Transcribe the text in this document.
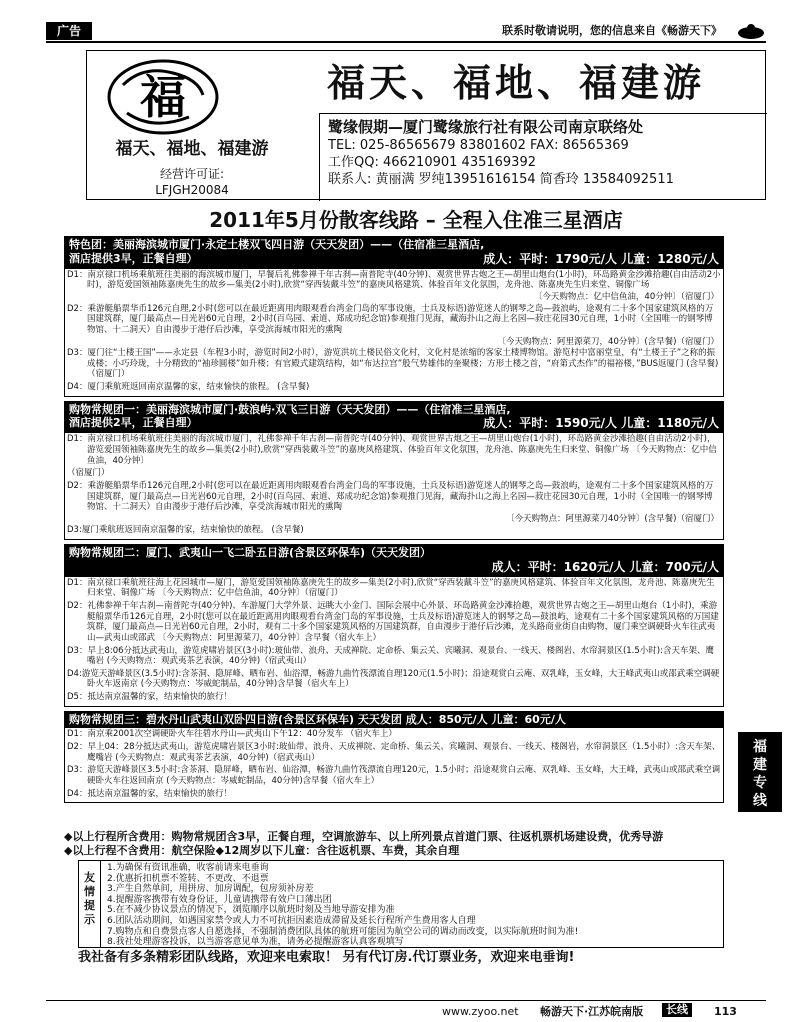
广告	联系时敬请说明，您的信息来自《畅游天下》
福
福天、福地、福建游
经营许可证:
LFJGH20084
福天、福地、福建游
鹭缘假期—厦门鹭缘旅行社有限公司南京联络处
TEL: 025-86565679 83801602 FAX: 86565369
工作QQ: 466210901 435169392
联系人: 黄丽满 罗纯13951616154 简香玲 13584092511
2011年5月份散客线路 – 全程入住准三星酒店
特色团：美丽海滨城市厦门·永定土楼双飞四日游（天天发团）——（住宿准三星酒店,
酒店提供3早，正餐自理）	成人：平时：1790元/人 儿童：1280元/人
D1：南京禄口机场乘航班往美丽的海滨城市厦门，早餐后礼佛参禅千年古刹—南普陀寺(40分钟)、观赏世界古炮之王—胡里山炮台(1小时)，环岛路黄金沙滩拾趣(自由活动2小时)，游览爱国领袖陈嘉庚先生的故乡—集美(2小时),欣赏“穿西装戴斗笠”的嘉庚风格建筑、体验百年文化氛围，龙舟池、陈嘉庚先生归来堂、铜像广场
〔今天购物点：亿中信鱼油，40分钟〕（宿厦门）
D2：乘游艇船票华币126元自理,2小时(您可以在最近距离用肉眼观看台湾金门岛的军事设施，士兵及标语)游览迷人的钢琴之岛—鼓浪屿，途观有二十多个国家建筑风格的万国建筑群，厦门最高点—日光岩60元自理，2小时(百鸟园、索道、郑成功纪念馆)参观推门见海，藏海扑山之海上名园—菽庄花园30元自理，1小时（全国唯一的钢琴博物馆、十二洞天）自由漫步于港仔后沙滩，享受滨海城市阳光的熏陶
〔今天购物点：阿里源菜刀，40分钟〕(含早餐)（宿厦门）
D3：厦门往“土楼王国”——永定县（车程3小时，游览时间2小时），游览洪坑土楼民俗文化村，文化村是浓缩的客家土楼博物馆。游览村中富丽堂皇，有“土楼王子”之称的振成楼；小巧玲珑，十分精致的“袖珍圆楼”如升楼；有官殿式建筑结构，如“布达拉宫”般气势雄伟的奎聚楼；方形土楼之首，“府第式杰作”的福裕楼，”BUS返厦门 (含早餐)（宿厦门）
D4：厦门乘航班返回南京温馨的家，结束愉快的旅程。 (含早餐)
购物常规团一：美丽海滨城市厦门·鼓浪屿·双飞三日游（天天发团）——（住宿准三星酒店,
酒店提供2早，正餐自理）	成人：平时：1590元/人 儿童：1180元/人
D1：南京禄口机场乘航班往美丽的海滨城市厦门，礼佛参禅千年古刹—南普陀寺(40分钟)、观赏世界古炮之王—胡里山炮台(1小时)，环岛路黄金沙滩拾趣(自由活动2小时)，游览爱国领袖陈嘉庚先生的故乡—集美(2小时),欣赏“穿西装戴斗笠”的嘉庚风格建筑、体验百年文化氛围，龙舟池、陈嘉庚先生归来堂、铜像广场 〔今天购物点：亿中信鱼油，40分钟〕
（宿厦门）
D2：乘游艇船票华币126元自理,2小时(您可以在最近距离用肉眼观看台湾金门岛的军事设施，士兵及标语)游览迷人的钢琴之岛—鼓浪屿，途观有二十多个国家建筑风格的万国建筑群，厦门最高点—日光岩60元自理，2小时(百鸟园、索道、郑成功纪念馆)参观推门见海，藏海扑山之海上名园—菽庄花园30元自理，1小时（全国唯一的钢琴博物馆、十二洞天）自由漫步于港仔后沙滩，享受滨海城市阳光的熏陶
〔今天购物点：阿里源菜刀40分钟〕(含早餐)（宿厦门）
D3:厦门乘航班返回南京温馨的家，结束愉快的旅程。 (含早餐)
购物常规团二：厦门、武夷山一飞二卧五日游(含景区环保车)（天天发团）
成人：平时：1620元/人 儿童：700元/人
D1：南京禄口乘航班往海上花园城市—厦门，游览爱国领袖陈嘉庚先生的故乡—集美(2小时),欣赏“穿西装戴斗笠”的嘉庚风格建筑、体验百年文化氛围，龙舟池、陈嘉庚先生归来堂、铜像广场 〔今天购物点：亿中信鱼油，40分钟〕（宿厦门）
D2：礼佛参禅千年古刹—南普陀寺(40分钟)、车游厦门大学外景、远眺大小金门、国际会展中心外景、环岛路黄金沙滩拾趣，观赏世界古炮之王—胡里山炮台（1小时)，乘游艇船票华币126元自理，2小时(您可以在最近距离用肉眼观看台湾金门岛的军事设施，士兵及标语)游览迷人的钢琴之岛—鼓浪屿，途观有二十多个国家建筑风格的万国建筑群，厦门最高点—日光岩60元自理，2小时，观有二十多个国家建筑风格的万国建筑群，自由漫步于港仔后沙滩，龙头路商业街自由购物，厦门乘空调硬卧火车往武夷山—武夷山或邵武 〔今天购物点：阿里源菜刀，40分钟〕含早餐（宿火车上）
D3：早上8:06分抵达武夷山，游览虎啸岩景区(3小时):玻仙带、浪舟、天成禅院、定命桥、集云关、宾曦洞、观景台、一线天、楼阁岩、水帘洞景区(1.5小时):含天车架、鹰嘴岩 (今天购物点：观武夷茶艺表演，40分钟)（宿武夷山）
D4:游览天游峰景区(3.5小时):含茶洞、隐屏峰、晒布岩、仙浴潭，畅游九曲竹筏漂流自理120元(1.5小时)；沿途观赏白云庵、双乳峰，玉女峰，大王峰武夷山或邵武乘空调硬卧火车返南京 (今天购物点：岑威蛇制品，40分钟)含早餐（宿火车上）
D5：抵达南京温馨的家，结束愉快的旅行！
购物常规团三：碧水丹山武夷山双卧四日游(含景区环保车) 天天发团 成人：850元/人 儿童：60元/人
D1：南京乘2001次空调硬卧火车往碧水丹山—武夷山下午12：40分发车 （宿火车上）
D2：早上04：28分抵达武夷山，游览虎啸岩景区3小时:玻仙带、浪舟、天成禅院、定命桥、集云关、宾曦洞、观景台、一线天、楼阁岩，水帘洞景区（1.5小时）:含天车架、鹰嘴岩 (今天购物点：观武夷茶艺表演，40分钟)（宿武夷山）
D3：游览天游峰景区3.5小时:含茶洞、隐屏峰，晒布岩、仙浴潭，畅游九曲竹筏漂流自理120元，1.5小时；沿途观赏白云庵、双乳峰、玉女峰，大王峰，武夷山或邵武乘空调硬卧火车往返回南京 (今天购物点：岑威蛇制品，40分钟)含早餐（宿火车上）
D4：抵达南京温馨的家，结束愉快的旅行！
福
建
专
线
◆以上行程所含费用：购物常规团含3早，正餐自理，空调旅游车、以上所列景点首道门票、往返机票机场建设费，优秀导游
◆以上行程不含费用：航空保险◆12周岁以下儿童：含往返机票、车费，其余自理
友情提示
1.为确保有资讯准确，收客前请来电垂询
2.优惠折扣机票不签转、不更改、不退票
3.产生自然单间，用拼房、加房调配，包房须补房差
4.提醒游客携带有效身份证，儿童请携带有效户口薄出团
5.在不减少协议景点的情况下，浏览顺序以航班时刻及当地导游安排为准
6.团队活动期间，如遇国家禁令或人力不可抗拒因素造成滞留及延长行程所产生费用客人自理
7.购物点和自费景点客人自愿选择，不强制消费团队具体的航班可能因为航空公司的调动而改变，以实际航班时间为准!
8.我社处理游客投诉，以当游客意见单为准，请务必提醒游客认真客观填写
我社备有多条精彩团队线路，欢迎来电索取！ 另有代订房.代订票业务，欢迎来电垂询!
www.zyoo.net 畅游天下·江苏皖南版	长线	113
